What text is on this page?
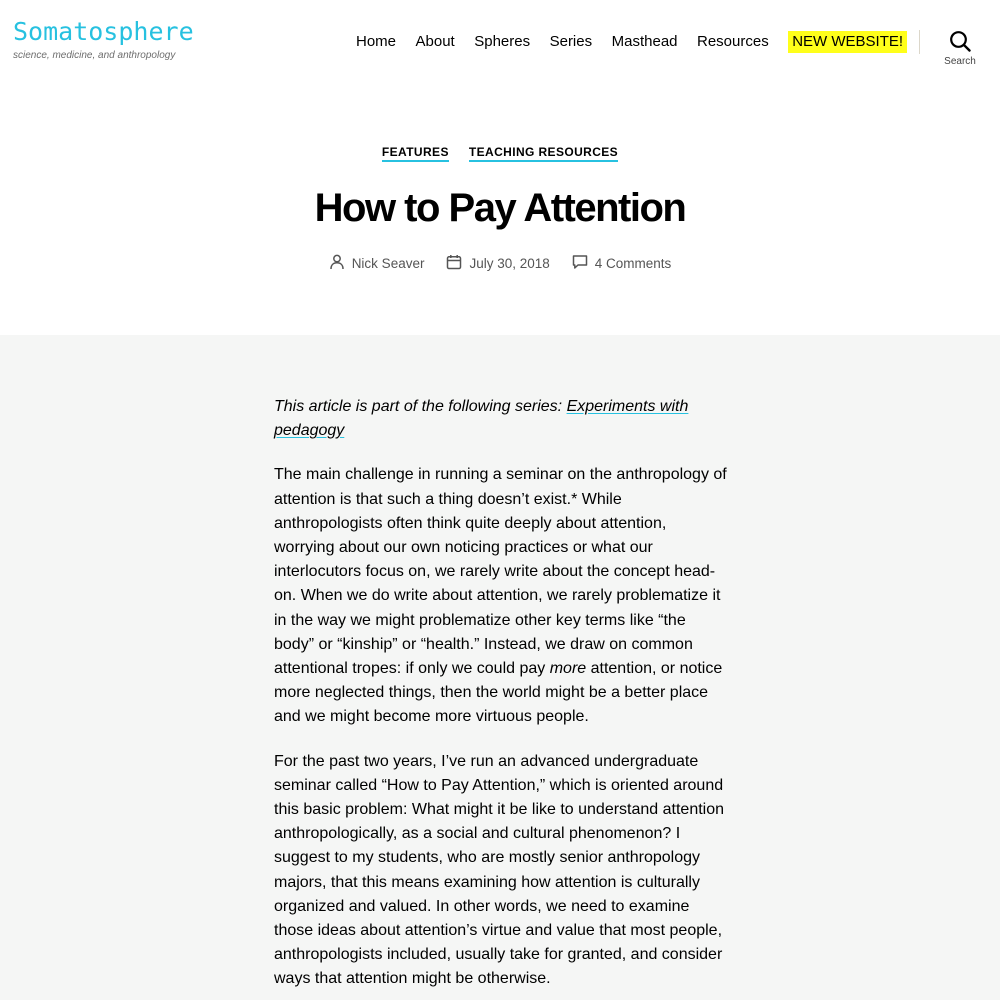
Somatosphere
science, medicine, and anthropology
Home About Spheres Series Masthead Resources NEW WEBSITE!
Search
FEATURES TEACHING RESOURCES
How to Pay Attention
Nick Seaver	July 30, 2018	4 Comments

This article is part of the following series: Experiments with pedagogy

The main challenge in running a seminar on the anthropology of attention is that such a thing doesn’t exist.* While anthropologists often think quite deeply about attention, worrying about our own noticing practices or what our interlocutors focus on, we rarely write about the concept head-on. When we do write about attention, we rarely problematize it in the way we might problematize other key terms like “the body” or “kinship” or “health.” Instead, we draw on common attentional tropes: if only we could pay more attention, or notice more neglected things, then the world might be a better place and we might become more virtuous people.

For the past two years, I’ve run an advanced undergraduate seminar called “How to Pay Attention,” which is oriented around this basic problem: What might it be like to understand attention anthropologically, as a social and cultural phenomenon? I suggest to my students, who are mostly senior anthropology majors, that this means examining how attention is culturally organized and valued. In other words, we need to examine those ideas about attention’s virtue and value that most people, anthropologists included, usually take for granted, and consider ways that attention might be otherwise.
